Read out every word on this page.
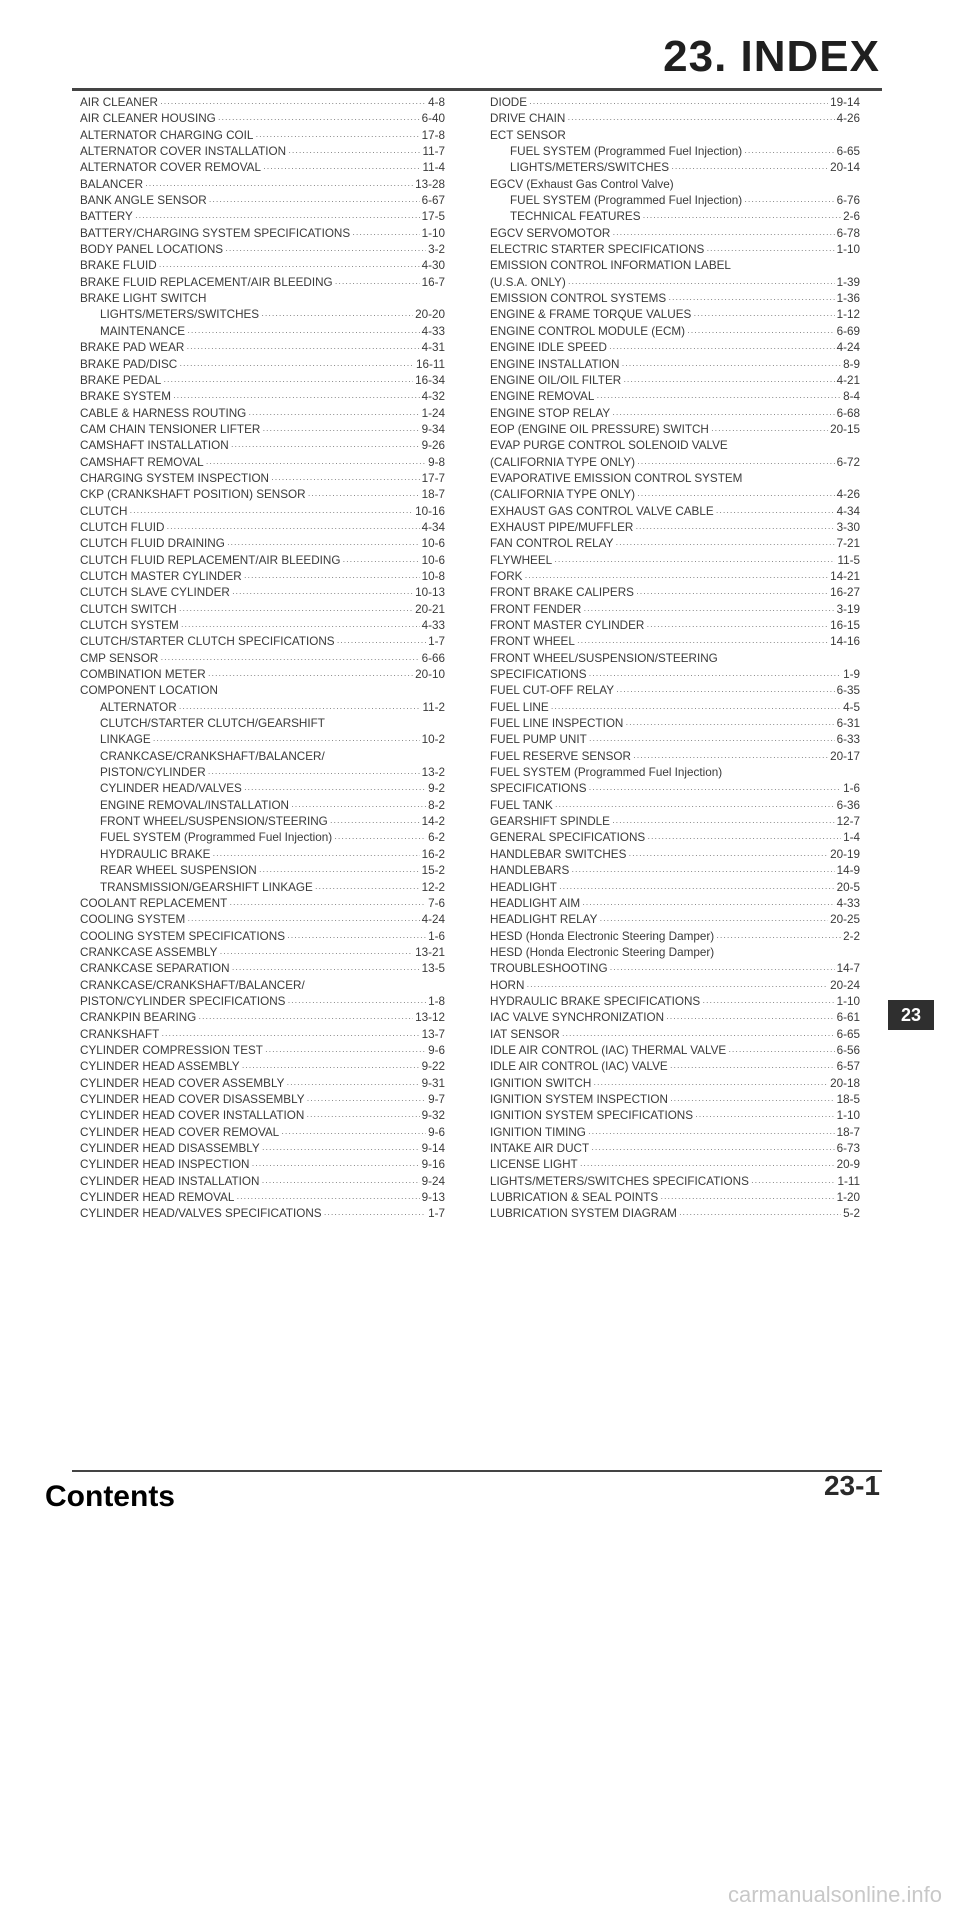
23. INDEX
AIR CLEANER ·····	4-8
AIR CLEANER HOUSING ·····	6-40
ALTERNATOR CHARGING COIL ·····	17-8
ALTERNATOR COVER INSTALLATION ·····	11-7
ALTERNATOR COVER REMOVAL ·····	11-4
BALANCER ·····	13-28
BANK ANGLE SENSOR ·····	6-67
BATTERY ·····	17-5
BATTERY/CHARGING SYSTEM SPECIFICATIONS ·····	1-10
BODY PANEL LOCATIONS ·····	3-2
BRAKE FLUID ·····	4-30
BRAKE FLUID REPLACEMENT/AIR BLEEDING ·····	16-7
BRAKE LIGHT SWITCH
LIGHTS/METERS/SWITCHES ·····	20-20
MAINTENANCE ·····	4-33
BRAKE PAD WEAR ·····	4-31
BRAKE PAD/DISC ·····	16-11
BRAKE PEDAL ·····	16-34
BRAKE SYSTEM ·····	4-32
CABLE & HARNESS ROUTING ·····	1-24
CAM CHAIN TENSIONER LIFTER ·····	9-34
CAMSHAFT INSTALLATION ·····	9-26
CAMSHAFT REMOVAL ·····	9-8
CHARGING SYSTEM INSPECTION ·····	17-7
CKP (CRANKSHAFT POSITION) SENSOR ·····	18-7
CLUTCH ·····	10-16
CLUTCH FLUID ·····	4-34
CLUTCH FLUID DRAINING ·····	10-6
CLUTCH FLUID REPLACEMENT/AIR BLEEDING ·····	10-6
CLUTCH MASTER CYLINDER ·····	10-8
CLUTCH SLAVE CYLINDER ·····	10-13
CLUTCH SWITCH ·····	20-21
CLUTCH SYSTEM ·····	4-33
CLUTCH/STARTER CLUTCH SPECIFICATIONS ·····	1-7
CMP SENSOR ·····	6-66
COMBINATION METER ·····	20-10
COMPONENT LOCATION
ALTERNATOR ·····	11-2
CLUTCH/STARTER CLUTCH/GEARSHIFT
LINKAGE ·····	10-2
CRANKCASE/CRANKSHAFT/BALANCER/
PISTON/CYLINDER ·····	13-2
CYLINDER HEAD/VALVES ·····	9-2
ENGINE REMOVAL/INSTALLATION ·····	8-2
FRONT WHEEL/SUSPENSION/STEERING ·····	14-2
FUEL SYSTEM (Programmed Fuel Injection) ·····	6-2
HYDRAULIC BRAKE ·····	16-2
REAR WHEEL SUSPENSION ·····	15-2
TRANSMISSION/GEARSHIFT LINKAGE ·····	12-2
COOLANT REPLACEMENT ·····	7-6
COOLING SYSTEM ·····	4-24
COOLING SYSTEM SPECIFICATIONS ·····	1-6
CRANKCASE ASSEMBLY ·····	13-21
CRANKCASE SEPARATION ·····	13-5
CRANKCASE/CRANKSHAFT/BALANCER/
PISTON/CYLINDER SPECIFICATIONS ·····	1-8
CRANKPIN BEARING ·····	13-12
CRANKSHAFT ·····	13-7
CYLINDER COMPRESSION TEST ·····	9-6
CYLINDER HEAD ASSEMBLY ·····	9-22
CYLINDER HEAD COVER ASSEMBLY ·····	9-31
CYLINDER HEAD COVER DISASSEMBLY ·····	9-7
CYLINDER HEAD COVER INSTALLATION ·····	9-32
CYLINDER HEAD COVER REMOVAL ·····	9-6
CYLINDER HEAD DISASSEMBLY ·····	9-14
CYLINDER HEAD INSPECTION ·····	9-16
CYLINDER HEAD INSTALLATION ·····	9-24
CYLINDER HEAD REMOVAL ·····	9-13
CYLINDER HEAD/VALVES SPECIFICATIONS ·····	1-7
DIODE ·····	19-14
DRIVE CHAIN ·····	4-26
ECT SENSOR
FUEL SYSTEM (Programmed Fuel Injection) ·····	6-65
LIGHTS/METERS/SWITCHES ·····	20-14
EGCV (Exhaust Gas Control Valve)
FUEL SYSTEM (Programmed Fuel Injection) ·····	6-76
TECHNICAL FEATURES ·····	2-6
EGCV SERVOMOTOR ·····	6-78
ELECTRIC STARTER SPECIFICATIONS ·····	1-10
EMISSION CONTROL INFORMATION LABEL
(U.S.A. ONLY) ·····	1-39
EMISSION CONTROL SYSTEMS ·····	1-36
ENGINE & FRAME TORQUE VALUES ·····	1-12
ENGINE CONTROL MODULE (ECM) ·····	6-69
ENGINE IDLE SPEED ·····	4-24
ENGINE INSTALLATION ·····	8-9
ENGINE OIL/OIL FILTER ·····	4-21
ENGINE REMOVAL ·····	8-4
ENGINE STOP RELAY ·····	6-68
EOP (ENGINE OIL PRESSURE) SWITCH ·····	20-15
EVAP PURGE CONTROL SOLENOID VALVE
(CALIFORNIA TYPE ONLY) ·····	6-72
EVAPORATIVE EMISSION CONTROL SYSTEM
(CALIFORNIA TYPE ONLY) ·····	4-26
EXHAUST GAS CONTROL VALVE CABLE ·····	4-34
EXHAUST PIPE/MUFFLER ·····	3-30
FAN CONTROL RELAY ·····	7-21
FLYWHEEL ·····	11-5
FORK ·····	14-21
FRONT BRAKE CALIPERS ·····	16-27
FRONT FENDER ·····	3-19
FRONT MASTER CYLINDER ·····	16-15
FRONT WHEEL ·····	14-16
FRONT WHEEL/SUSPENSION/STEERING
SPECIFICATIONS ·····	1-9
FUEL CUT-OFF RELAY ·····	6-35
FUEL LINE ·····	4-5
FUEL LINE INSPECTION ·····	6-31
FUEL PUMP UNIT ·····	6-33
FUEL RESERVE SENSOR ·····	20-17
FUEL SYSTEM (Programmed Fuel Injection)
SPECIFICATIONS ·····	1-6
FUEL TANK ·····	6-36
GEARSHIFT SPINDLE ·····	12-7
GENERAL SPECIFICATIONS ·····	1-4
HANDLEBAR SWITCHES ·····	20-19
HANDLEBARS ·····	14-9
HEADLIGHT ·····	20-5
HEADLIGHT AIM ·····	4-33
HEADLIGHT RELAY ·····	20-25
HESD (Honda Electronic Steering Damper) ·····	2-2
HESD (Honda Electronic Steering Damper)
TROUBLESHOOTING ·····	14-7
HORN ·····	20-24
HYDRAULIC BRAKE SPECIFICATIONS ·····	1-10
IAC VALVE SYNCHRONIZATION ·····	6-61
IAT SENSOR ·····	6-65
IDLE AIR CONTROL (IAC) THERMAL VALVE ·····	6-56
IDLE AIR CONTROL (IAC) VALVE ·····	6-57
IGNITION SWITCH ·····	20-18
IGNITION SYSTEM INSPECTION ·····	18-5
IGNITION SYSTEM SPECIFICATIONS ·····	1-10
IGNITION TIMING ·····	18-7
INTAKE AIR DUCT ·····	6-73
LICENSE LIGHT ·····	20-9
LIGHTS/METERS/SWITCHES SPECIFICATIONS ·····	1-11
LUBRICATION & SEAL POINTS ·····	1-20
LUBRICATION SYSTEM DIAGRAM ·····	5-2
23
Contents	23-1
carmanualsonline.info
